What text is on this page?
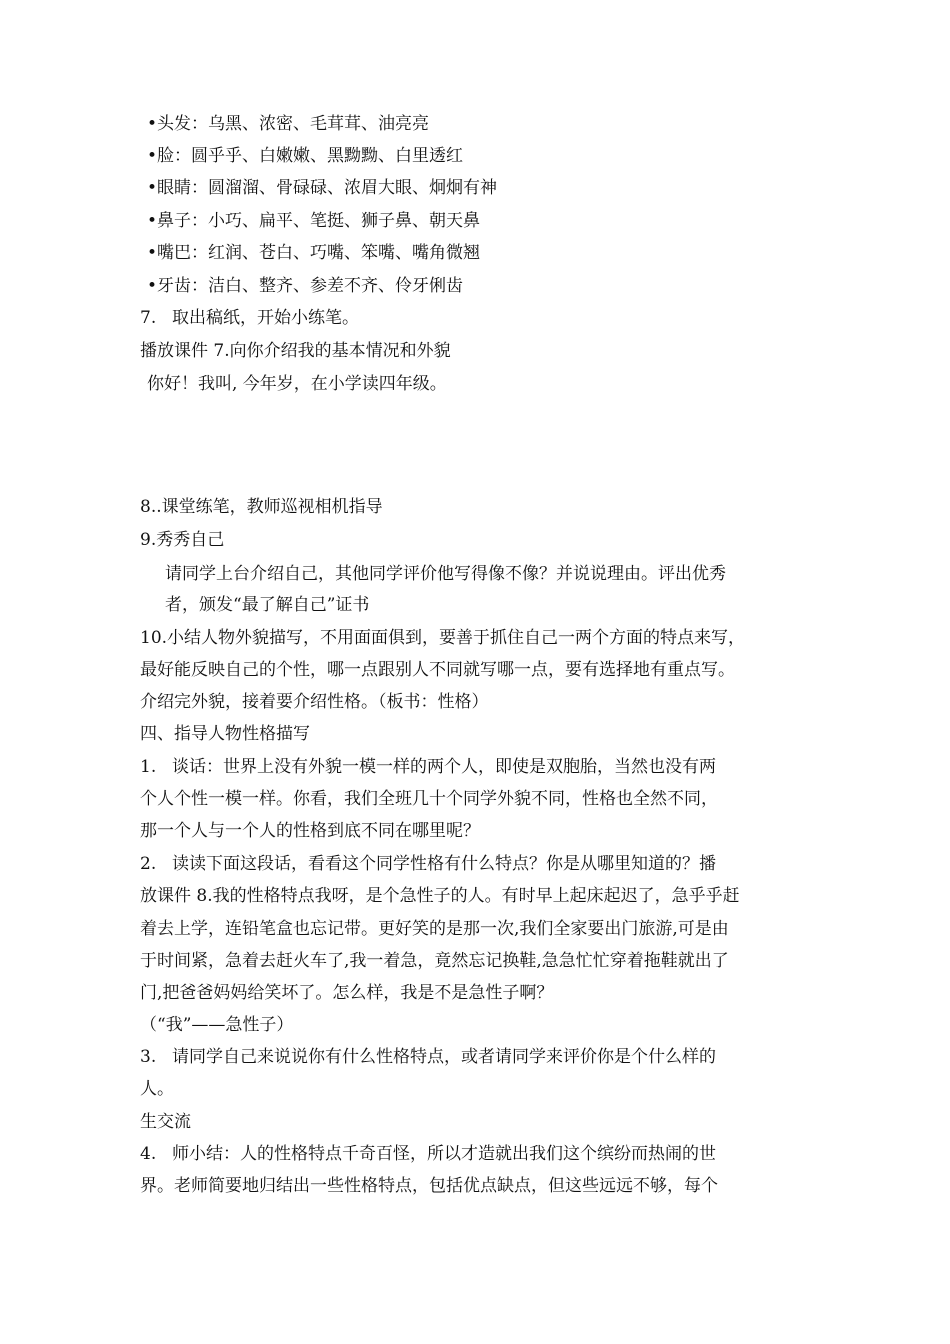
•头发：乌黑、浓密、毛茸茸、油亮亮
•脸：圆乎乎、白嫩嫩、黑黝黝、白里透红
•眼睛：圆溜溜、骨碌碌、浓眉大眼、炯炯有神
•鼻子：小巧、扁平、笔挺、狮子鼻、朝天鼻
•嘴巴：红润、苍白、巧嘴、笨嘴、嘴角微翘
•牙齿：洁白、整齐、参差不齐、伶牙俐齿
7. 取出稿纸，开始小练笔。
播放课件 7.向你介绍我的基本情况和外貌
你好！我叫, 今年岁，在小学读四年级。
8..课堂练笔，教师巡视相机指导
9.秀秀自己
请同学上台介绍自己，其他同学评价他写得像不像？并说说理由。评出优秀
者，颁发“最了解自己”证书
10.小结人物外貌描写，不用面面俱到，要善于抓住自己一两个方面的特点来写，
最好能反映自己的个性，哪一点跟别人不同就写哪一点，要有选择地有重点写。
介绍完外貌，接着要介绍性格。（板书：性格）
四、指导人物性格描写
1. 谈话：世界上没有外貌一模一样的两个人，即使是双胞胎，当然也没有两
个人个性一模一样。你看，我们全班几十个同学外貌不同，性格也全然不同，
那一个人与一个人的性格到底不同在哪里呢？
2. 读读下面这段话，看看这个同学性格有什么特点？你是从哪里知道的？播
放课件 8.我的性格特点我呀，是个急性子的人。有时早上起床起迟了，急乎乎赶
着去上学，连铅笔盒也忘记带。更好笑的是那一次,我们全家要出门旅游,可是由
于时间紧，急着去赶火车了,我一着急，竟然忘记换鞋,急急忙忙穿着拖鞋就出了
门,把爸爸妈妈给笑坏了。怎么样，我是不是急性子啊？
（“我”——急性子）
3. 请同学自己来说说你有什么性格特点，或者请同学来评价你是个什么样的
人。
生交流
4. 师小结：人的性格特点千奇百怪，所以才造就出我们这个缤纷而热闹的世
界。老师简要地归结出一些性格特点，包括优点缺点，但这些远远不够，每个
